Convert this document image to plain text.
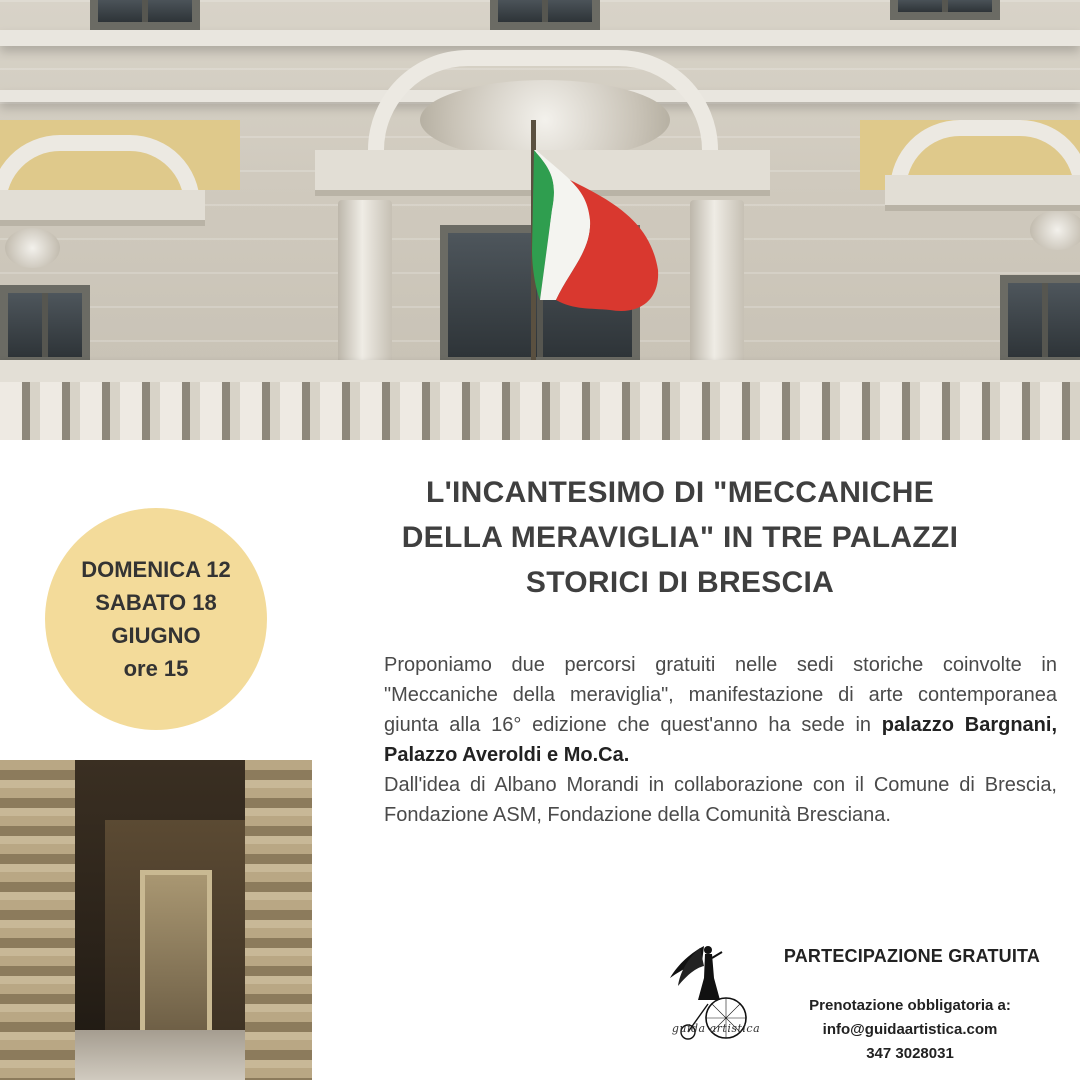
DOMENICA 12
SABATO 18
GIUGNO
ore 15
L'INCANTESIMO DI "MECCANICHE
DELLA MERAVIGLIA" IN TRE PALAZZI
STORICI DI BRESCIA

Proponiamo due percorsi gratuiti nelle sedi storiche coinvolte in "Meccaniche della meraviglia", manifestazione di arte contemporanea giunta alla 16° edizione che quest'anno ha sede in palazzo Bargnani, Palazzo Averoldi e Mo.Ca.

Dall'idea di Albano Morandi in collaborazione con il Comune di Brescia, Fondazione ASM, Fondazione della Comunità Bresciana.

guida artistica
PARTECIPAZIONE GRATUITA
Prenotazione obbligatoria a:
info@guidaartistica.com
347 3028031
